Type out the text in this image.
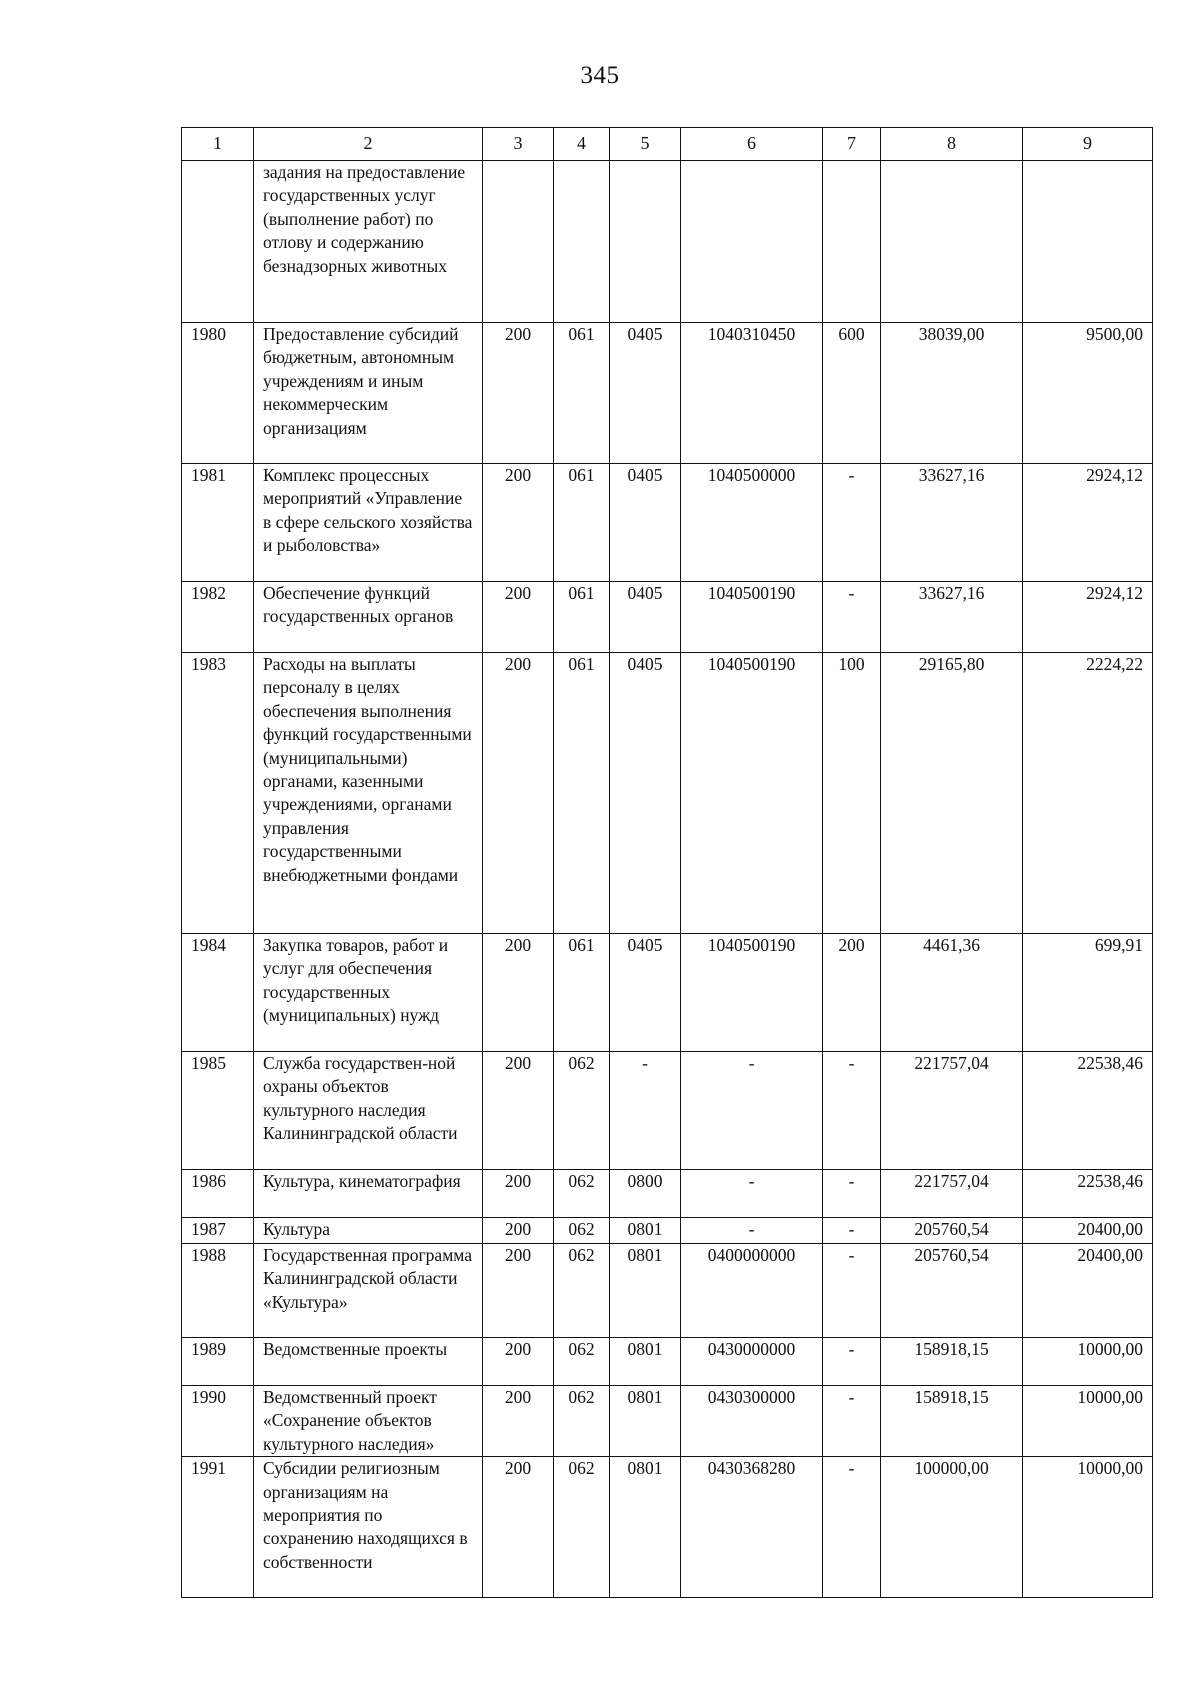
345
1	2	3	4	5	6	7	8	9
	задания на предоставление государственных услуг (выполнение работ) по отлову и содержанию безнадзорных животных							
1980	Предоставление субсидий бюджетным, автономным учреждениям и иным некоммерческим организациям	200	061	0405	1040310450	600	38039,00	9500,00
1981	Комплекс процессных мероприятий «Управление в сфере сельского хозяйства и рыболовства»	200	061	0405	1040500000	-	33627,16	2924,12
1982	Обеспечение функций государственных органов	200	061	0405	1040500190	-	33627,16	2924,12
1983	Расходы на выплаты персоналу в целях обеспечения выполнения функций государственными (муниципальными) органами, казенными учреждениями, органами управления государственными внебюджетными фондами	200	061	0405	1040500190	100	29165,80	2224,22
1984	Закупка товаров, работ и услуг для обеспечения государственных (муниципальных) нужд	200	061	0405	1040500190	200	4461,36	699,91
1985	Служба государствен-ной охраны объектов культурного наследия Калининградской области	200	062	-	-	-	221757,04	22538,46
1986	Культура, кинематография	200	062	0800	-	-	221757,04	22538,46
1987	Культура	200	062	0801	-	-	205760,54	20400,00
1988	Государственная программа Калининградской области «Культура»	200	062	0801	0400000000	-	205760,54	20400,00
1989	Ведомственные проекты	200	062	0801	0430000000	-	158918,15	10000,00
1990	Ведомственный проект «Сохранение объектов культурного наследия»	200	062	0801	0430300000	-	158918,15	10000,00
1991	Субсидии религиозным организациям на мероприятия по сохранению находящихся в собственности	200	062	0801	0430368280	-	100000,00	10000,00
